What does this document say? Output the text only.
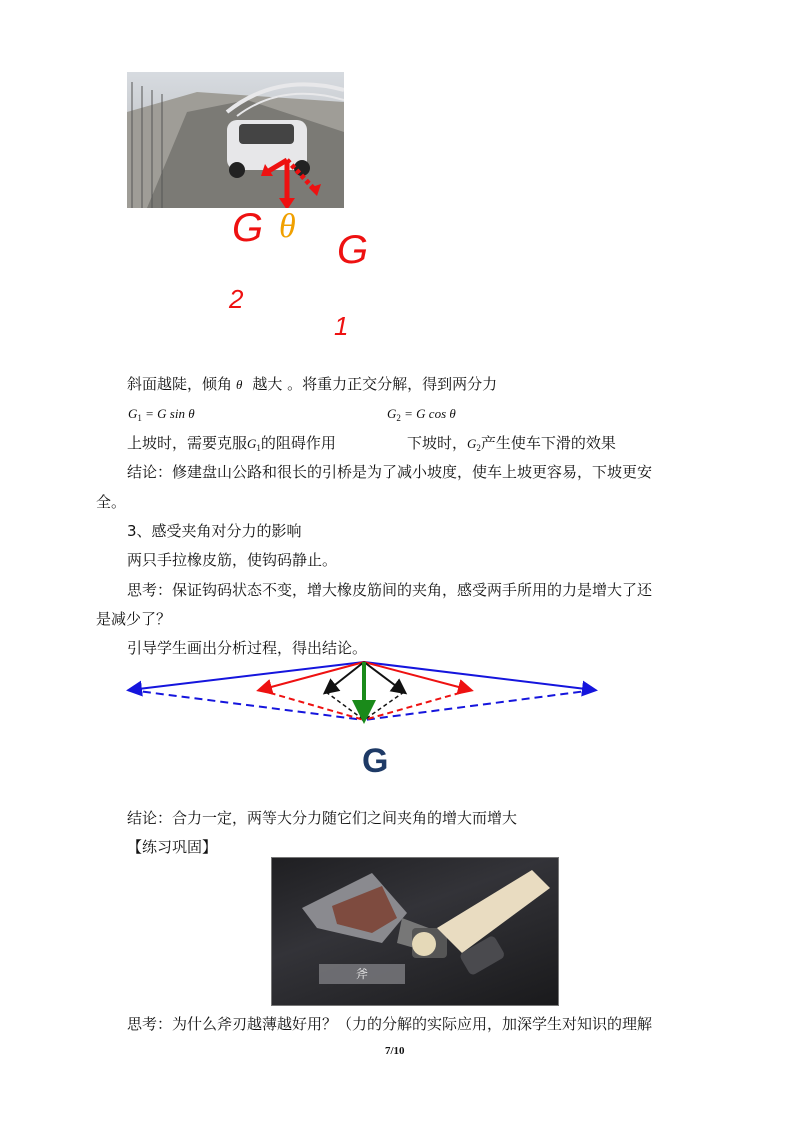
G θ
G
2
1
斜面越陡，倾角 θ 越大 。将重力正交分解，得到两分力
$G_1 = G$ sin θ	$G_2 = G$ cos θ
上坡时，需要克服$G_1$的阻碍作用	下坡时，$G_2$产生使车下滑的效果
结论：修建盘山公路和很长的引桥是为了减小坡度，使车上坡更容易，下坡更安
全。
3、感受夹角对分力的影响
两只手拉橡皮筋，使钩码静止。
思考：保证钩码状态不变，增大橡皮筋间的夹角，感受两手所用的力是增大了还
是减少了？
引导学生画出分析过程，得出结论。
G
结论：合力一定，两等大分力随它们之间夹角的增大而增大
【练习巩固】
斧
思考：为什么斧刃越薄越好用？（力的分解的实际应用，加深学生对知识的理解
7/10
